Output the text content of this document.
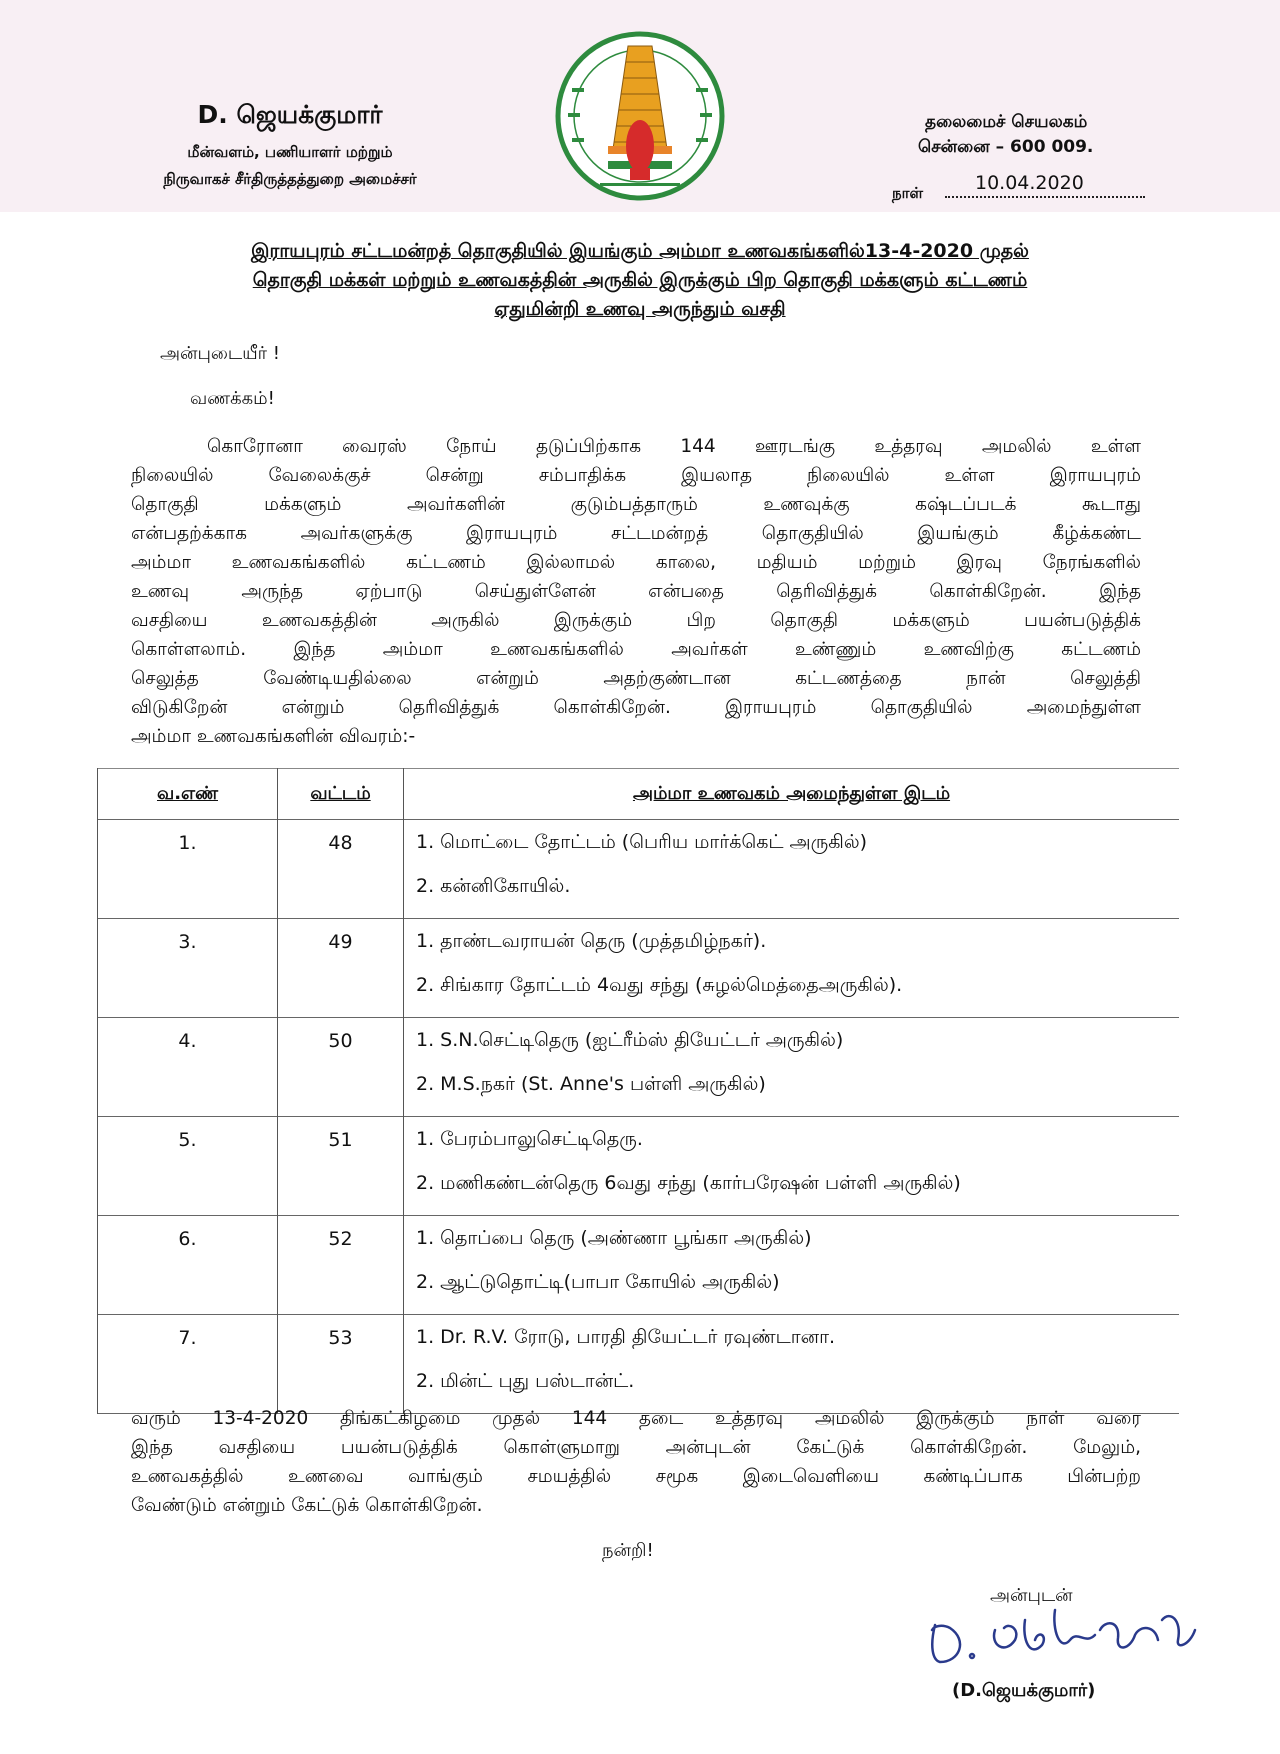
D. ஜெயக்குமார்
மீன்வளம், பணியாளர் மற்றும்
நிருவாகச் சீர்திருத்தத்துறை அமைச்சர்
தலைமைச் செயலகம்
சென்னை – 600 009.
நாள்	10.04.2020
இராயபுரம் சட்டமன்றத் தொகுதியில் இயங்கும் அம்மா உணவகங்களில்13-4-2020 முதல்
தொகுதி மக்கள் மற்றும் உணவகத்தின் அருகில் இருக்கும் பிற தொகுதி மக்களும் கட்டணம்
ஏதுமின்றி உணவு அருந்தும் வசதி
அன்புடையீர் !
வணக்கம்!
கொரோனா வைரஸ் நோய் தடுப்பிற்காக 144 ஊரடங்கு உத்தரவு அமலில் உள்ள
நிலையில் வேலைக்குச் சென்று சம்பாதிக்க இயலாத நிலையில் உள்ள இராயபுரம்
தொகுதி மக்களும் அவர்களின் குடும்பத்தாரும் உணவுக்கு கஷ்டப்படக் கூடாது
என்பதற்க்காக அவர்களுக்கு இராயபுரம் சட்டமன்றத் தொகுதியில் இயங்கும் கீழ்க்கண்ட
அம்மா உணவகங்களில் கட்டணம் இல்லாமல் காலை, மதியம் மற்றும் இரவு நேரங்களில்
உணவு அருந்த ஏற்பாடு செய்துள்ளேன் என்பதை தெரிவித்துக் கொள்கிறேன். இந்த
வசதியை உணவகத்தின் அருகில் இருக்கும் பிற தொகுதி மக்களும் பயன்படுத்திக்
கொள்ளலாம். இந்த அம்மா உணவகங்களில் அவர்கள் உண்ணும் உணவிற்கு கட்டணம்
செலுத்த வேண்டியதில்லை என்றும் அதற்குண்டான கட்டணத்தை நான் செலுத்தி
விடுகிறேன் என்றும் தெரிவித்துக் கொள்கிறேன். இராயபுரம் தொகுதியில் அமைந்துள்ள
அம்மா உணவகங்களின் விவரம்:-
வ.எண்	வட்டம்	அம்மா உணவகம் அமைந்துள்ள இடம்
1.	48	1. மொட்டை தோட்டம் (பெரிய மார்க்கெட் அருகில்)
2. கன்னிகோயில்.

3.	49	1. தாண்டவராயன் தெரு (முத்தமிழ்நகர்).
2. சிங்கார தோட்டம் 4வது சந்து (சுழல்மெத்தைஅருகில்).

4.	50	1. S.N.செட்டிதெரு (ஐட்ரீம்ஸ் தியேட்டர் அருகில்)
2. M.S.நகர் (St. Anne's பள்ளி அருகில்)

5.	51	1. பேரம்பாலுசெட்டிதெரு.
2. மணிகண்டன்தெரு 6வது சந்து (கார்பரேஷன் பள்ளி அருகில்)

6.	52	1. தொப்பை தெரு (அண்ணா பூங்கா அருகில்)
2. ஆட்டுதொட்டி(பாபா கோயில் அருகில்)

7.	53	1. Dr. R.V. ரோடு, பாரதி தியேட்டர் ரவுண்டானா.
2. மின்ட் புது பஸ்டான்ட்.
வரும் 13-4-2020 திங்கட்கிழமை முதல் 144 தடை உத்தரவு அமலில் இருக்கும் நாள் வரை
இந்த வசதியை பயன்படுத்திக் கொள்ளுமாறு அன்புடன் கேட்டுக் கொள்கிறேன். மேலும்,
உணவகத்தில் உணவை வாங்கும் சமயத்தில் சமூக இடைவெளியை கண்டிப்பாக பின்பற்ற
வேண்டும் என்றும் கேட்டுக் கொள்கிறேன்.
நன்றி!
அன்புடன்
(D.ஜெயக்குமார்)
